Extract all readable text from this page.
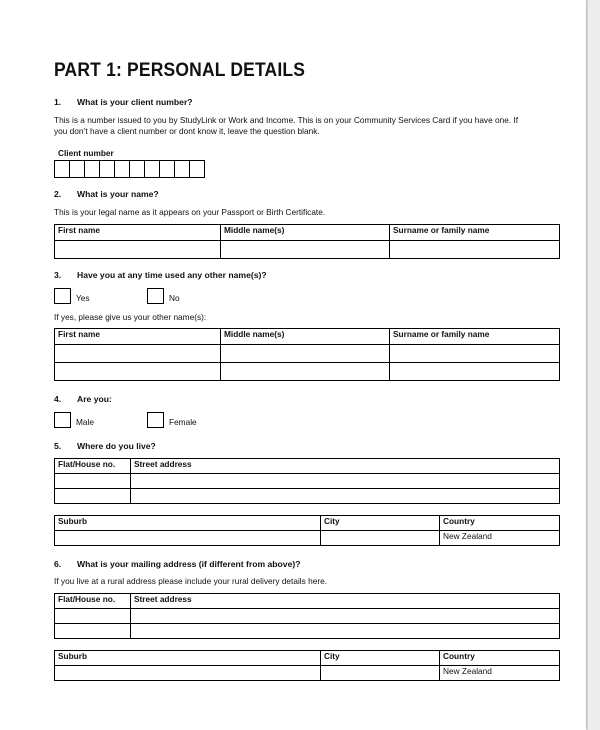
PART 1: PERSONAL DETAILS
1. What is your client number?
This is a number issued to you by StudyLink or Work and Income. This is on your Community Services Card if you have one. If
you don’t have a client number or dont know it, leave the question blank.
Client number
2. What is your name?
This is your legal name as it appears on your Passport or Birth Certificate.
First name	Middle name(s)	Surname or family name

3. Have you at any time used any other name(s)?
Yes	No
If yes, please give us your other name(s):
First name	Middle name(s)	Surname or family name

4. Are you:
Male	Female
5. Where do you live?
Flat/House no.	Street address

Suburb	City	Country
		New Zealand
6. What is your mailing address (if different from above)?
If you live at a rural address please include your rural delivery details here.
Flat/House no.	Street address

Suburb	City	Country
		New Zealand
